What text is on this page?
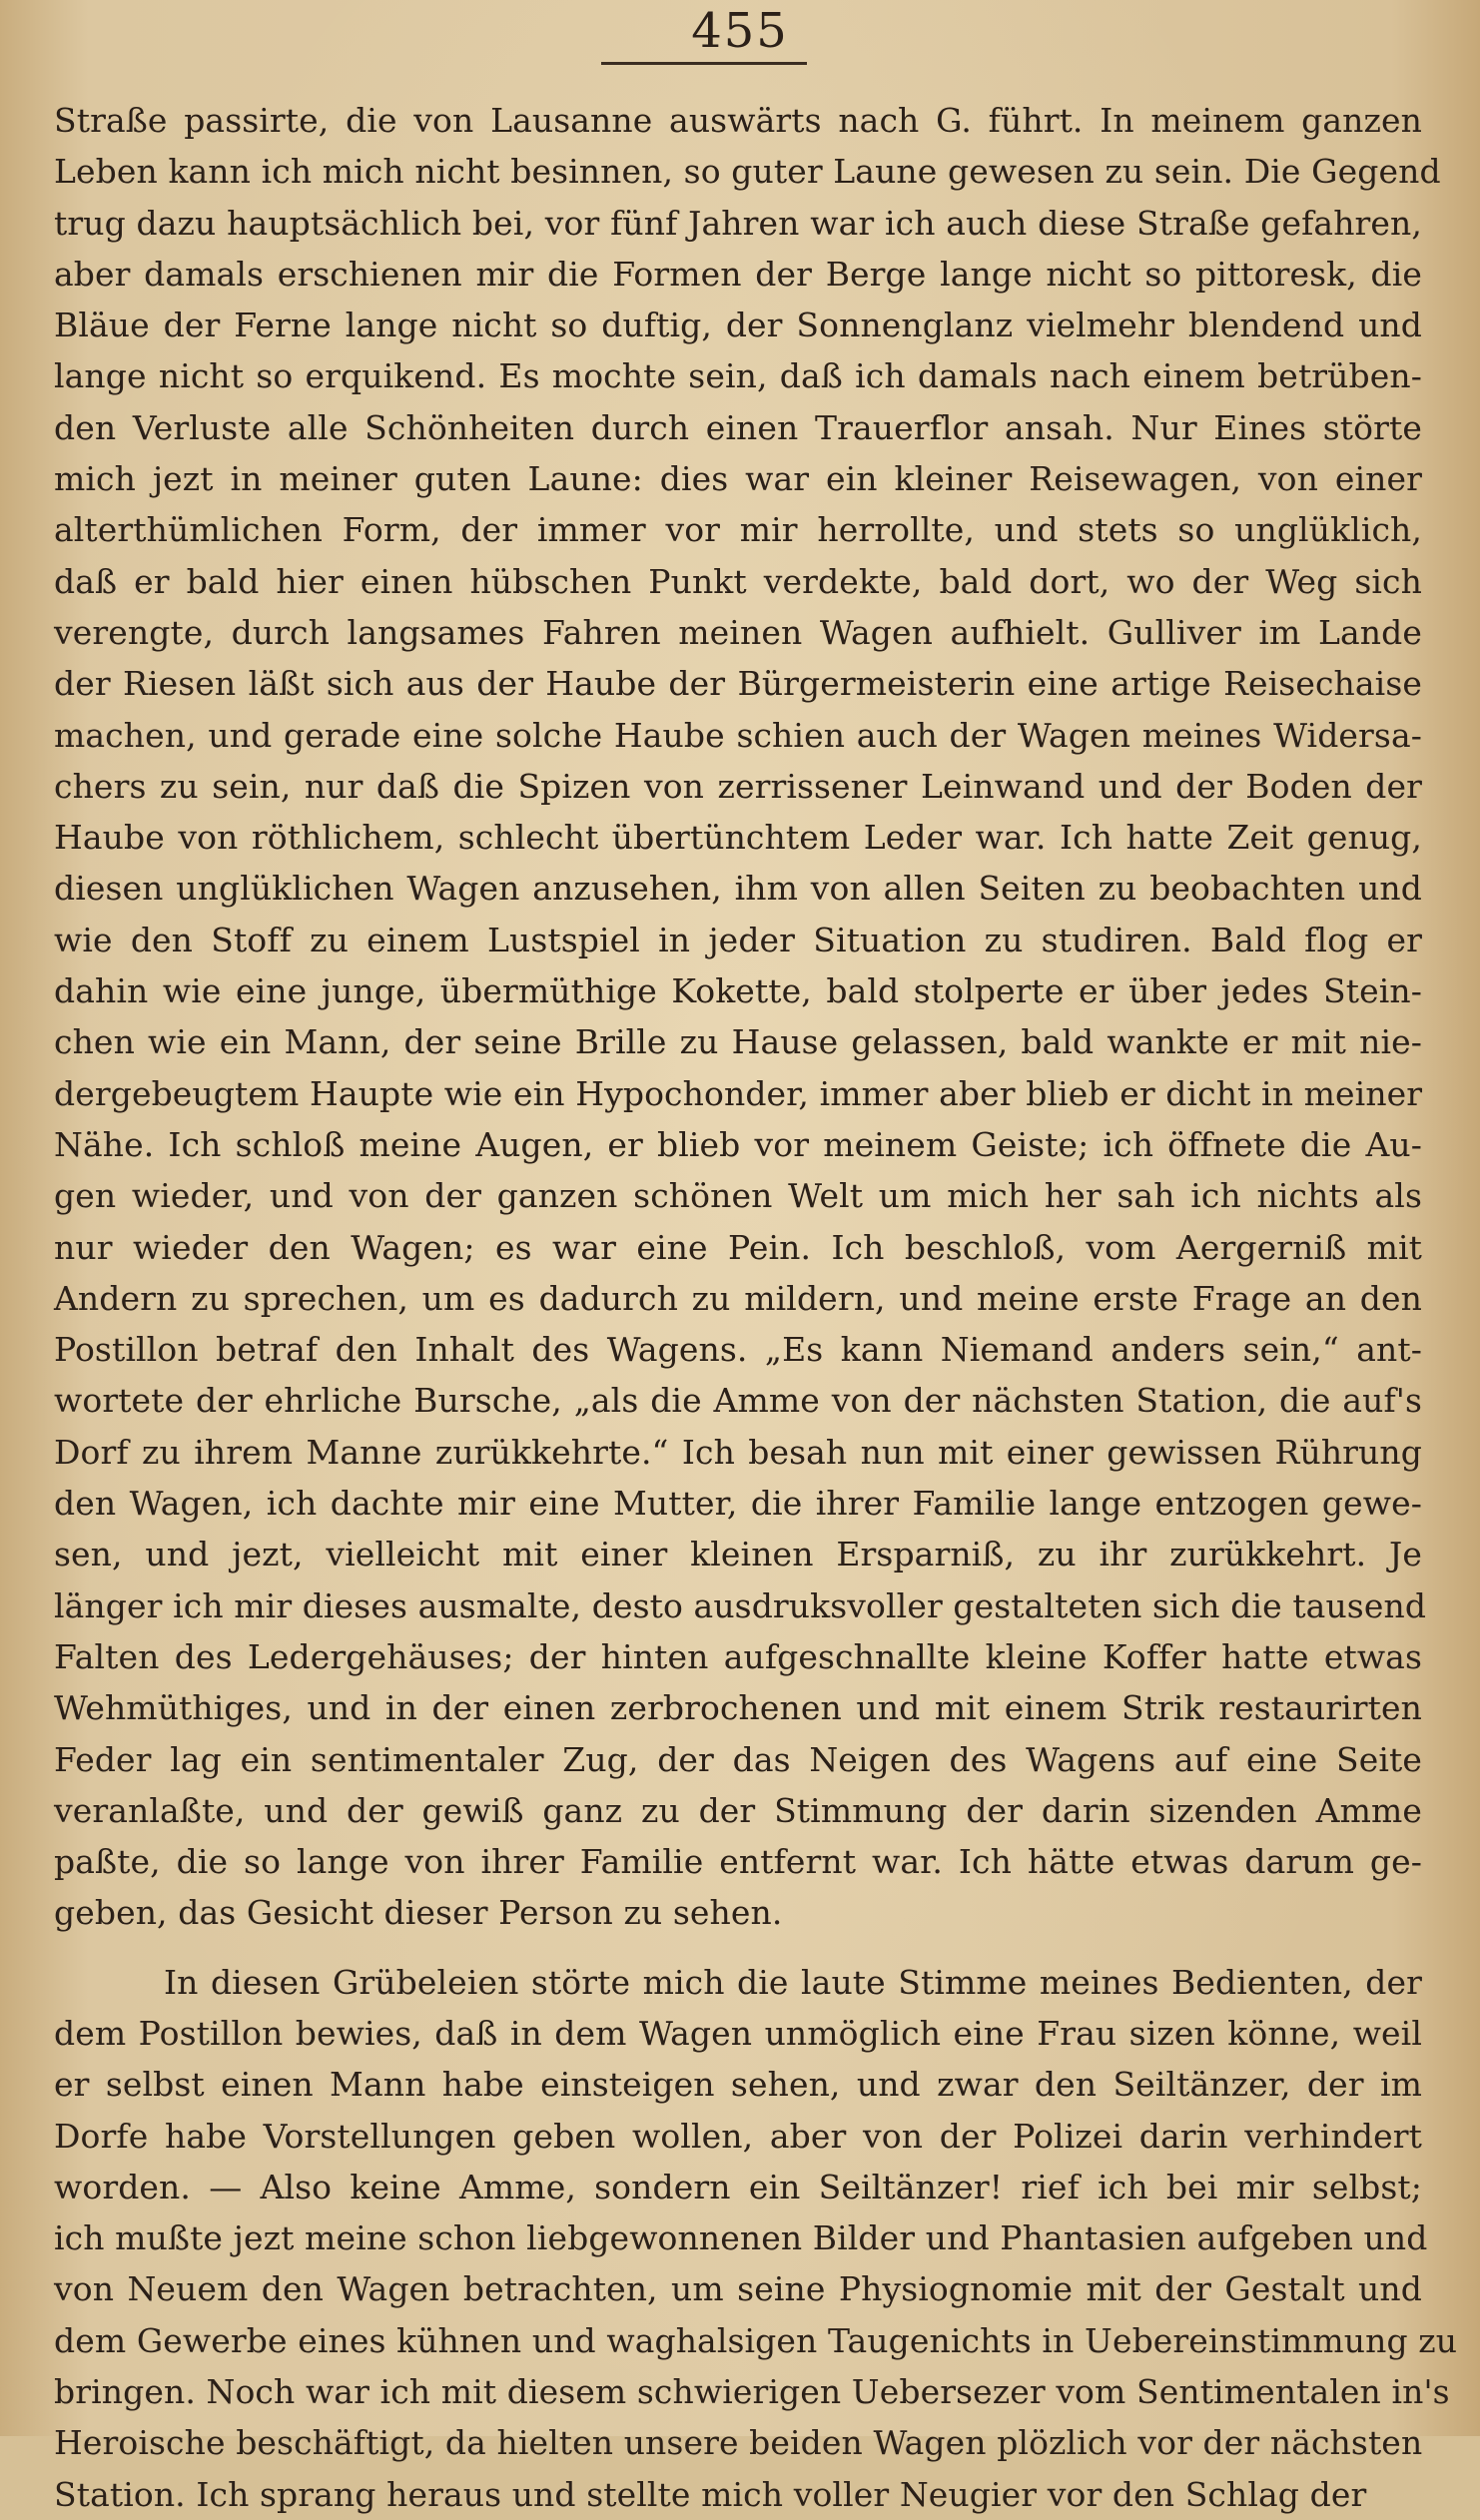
455
Straße passirte, die von Lausanne auswärts nach G. führt. In meinem ganzen
Leben kann ich mich nicht besinnen, so guter Laune gewesen zu sein. Die Gegend
trug dazu hauptsächlich bei, vor fünf Jahren war ich auch diese Straße gefahren,
aber damals erschienen mir die Formen der Berge lange nicht so pittoresk, die
Bläue der Ferne lange nicht so duftig, der Sonnenglanz vielmehr blendend und
lange nicht so erquikend. Es mochte sein, daß ich damals nach einem betrüben-
den Verluste alle Schönheiten durch einen Trauerflor ansah. Nur Eines störte
mich jezt in meiner guten Laune: dies war ein kleiner Reisewagen, von einer
alterthümlichen Form, der immer vor mir herrollte, und stets so unglüklich,
daß er bald hier einen hübschen Punkt verdekte, bald dort, wo der Weg sich
verengte, durch langsames Fahren meinen Wagen aufhielt. Gulliver im Lande
der Riesen läßt sich aus der Haube der Bürgermeisterin eine artige Reisechaise
machen, und gerade eine solche Haube schien auch der Wagen meines Widersa-
chers zu sein, nur daß die Spizen von zerrissener Leinwand und der Boden der
Haube von röthlichem, schlecht übertünchtem Leder war. Ich hatte Zeit genug,
diesen unglüklichen Wagen anzusehen, ihm von allen Seiten zu beobachten und
wie den Stoff zu einem Lustspiel in jeder Situation zu studiren. Bald flog er
dahin wie eine junge, übermüthige Kokette, bald stolperte er über jedes Stein-
chen wie ein Mann, der seine Brille zu Hause gelassen, bald wankte er mit nie-
dergebeugtem Haupte wie ein Hypochonder, immer aber blieb er dicht in meiner
Nähe. Ich schloß meine Augen, er blieb vor meinem Geiste; ich öffnete die Au-
gen wieder, und von der ganzen schönen Welt um mich her sah ich nichts als
nur wieder den Wagen; es war eine Pein. Ich beschloß, vom Aergerniß mit
Andern zu sprechen, um es dadurch zu mildern, und meine erste Frage an den
Postillon betraf den Inhalt des Wagens. „Es kann Niemand anders sein,“ ant-
wortete der ehrliche Bursche, „als die Amme von der nächsten Station, die auf's
Dorf zu ihrem Manne zurükkehrte.“ Ich besah nun mit einer gewissen Rührung
den Wagen, ich dachte mir eine Mutter, die ihrer Familie lange entzogen gewe-
sen, und jezt, vielleicht mit einer kleinen Ersparniß, zu ihr zurükkehrt. Je
länger ich mir dieses ausmalte, desto ausdruksvoller gestalteten sich die tausend
Falten des Ledergehäuses; der hinten aufgeschnallte kleine Koffer hatte etwas
Wehmüthiges, und in der einen zerbrochenen und mit einem Strik restaurirten
Feder lag ein sentimentaler Zug, der das Neigen des Wagens auf eine Seite
veranlaßte, und der gewiß ganz zu der Stimmung der darin sizenden Amme
paßte, die so lange von ihrer Familie entfernt war. Ich hätte etwas darum ge-
geben, das Gesicht dieser Person zu sehen.
In diesen Grübeleien störte mich die laute Stimme meines Bedienten, der
dem Postillon bewies, daß in dem Wagen unmöglich eine Frau sizen könne, weil
er selbst einen Mann habe einsteigen sehen, und zwar den Seiltänzer, der im
Dorfe habe Vorstellungen geben wollen, aber von der Polizei darin verhindert
worden. — Also keine Amme, sondern ein Seiltänzer! rief ich bei mir selbst;
ich mußte jezt meine schon liebgewonnenen Bilder und Phantasien aufgeben und
von Neuem den Wagen betrachten, um seine Physiognomie mit der Gestalt und
dem Gewerbe eines kühnen und waghalsigen Taugenichts in Uebereinstimmung zu
bringen. Noch war ich mit diesem schwierigen Uebersezer vom Sentimentalen in's
Heroische beschäftigt, da hielten unsere beiden Wagen plözlich vor der nächsten
Station. Ich sprang heraus und stellte mich voller Neugier vor den Schlag der
